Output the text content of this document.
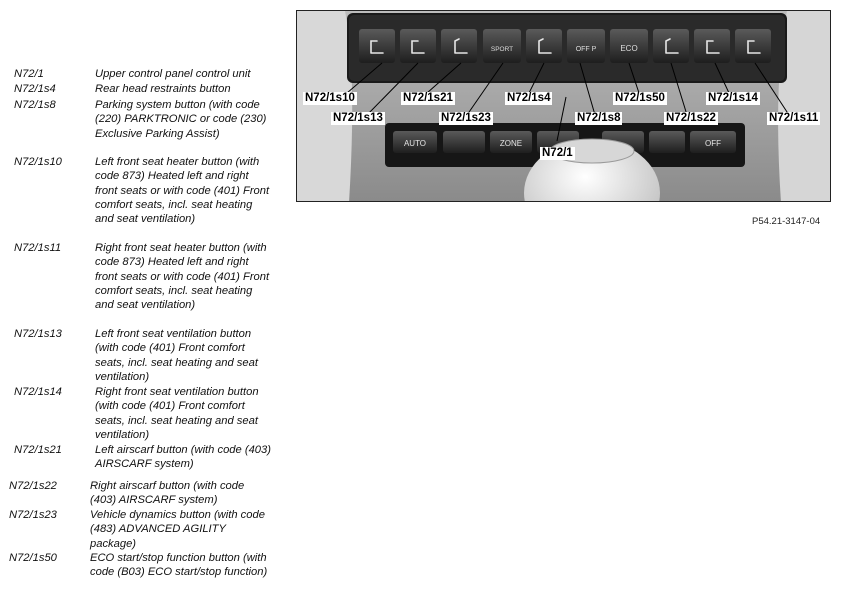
N72/1	Upper control panel control unit
N72/1s4	Rear head restraints button
N72/1s8	Parking system button (with code (220) PARKTRONIC or code (230) Exclusive Parking Assist)
N72/1s10	Left front seat heater button (with code 873) Heated left and right front seats or with code (401) Front comfort seats, incl. seat heating and seat ventilation)
N72/1s11	Right front seat heater button (with code 873) Heated left and right front seats or with code (401) Front comfort seats, incl. seat heating and seat ventilation)
N72/1s13	Left front seat ventilation button (with code (401) Front comfort seats, incl. seat heating and seat ventilation)
N72/1s14	Right front seat ventilation button (with code (401) Front comfort seats, incl. seat heating and seat ventilation)
N72/1s21	Left airscarf button (with code (403) AIRSCARF system)
N72/1s22	Right airscarf button (with code (403) AIRSCARF system)
N72/1s23	Vehicle dynamics button (with code (483) ADVANCED AGILITY package)
N72/1s50	ECO start/stop function button (with code (B03) ECO start/stop function)
SPORT	OFF P	ECO
AUTO	ZONE	OFF
N72/1s10
N72/1s13
N72/1s21
N72/1s23
N72/1s4
N72/1s8
N72/1s50
N72/1s22
N72/1s14
N72/1s11
N72/1
P54.21-3147-04
